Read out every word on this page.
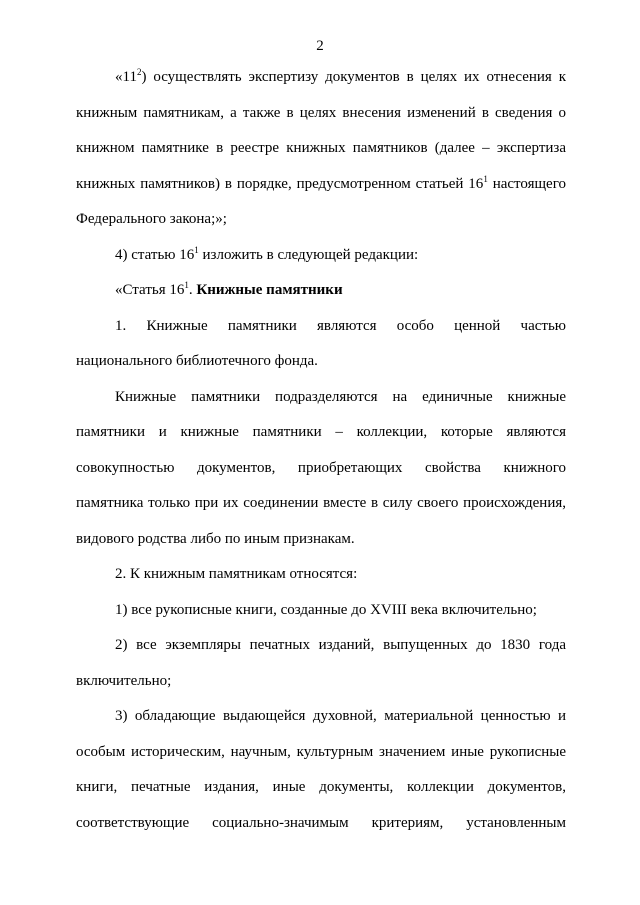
2
«$11^2$) осуществлять экспертизу документов в целях их отнесения к
книжным памятникам, а также в целях внесения изменений в сведения о
книжном памятнике в реестре книжных памятников (далее – экспертиза
книжных памятников) в порядке, предусмотренном статьей $16^1$ настоящего
Федерального закона;»;
4) статью $16^1$ изложить в следующей редакции:
«Статья $16^1$. Книжные памятники
1. Книжные памятники являются особо ценной частью
национального библиотечного фонда.
Книжные памятники подразделяются на единичные книжные
памятники и книжные памятники – коллекции, которые являются
совокупностью документов, приобретающих свойства книжного
памятника только при их соединении вместе в силу своего происхождения,
видового родства либо по иным признакам.
2. К книжным памятникам относятся:
1) все рукописные книги, созданные до XVIII века включительно;
2) все экземпляры печатных изданий, выпущенных до 1830 года
включительно;
3) обладающие выдающейся духовной, материальной ценностью и
особым историческим, научным, культурным значением иные рукописные
книги, печатные издания, иные документы, коллекции документов,
соответствующие социально-значимым критериям, установленным
